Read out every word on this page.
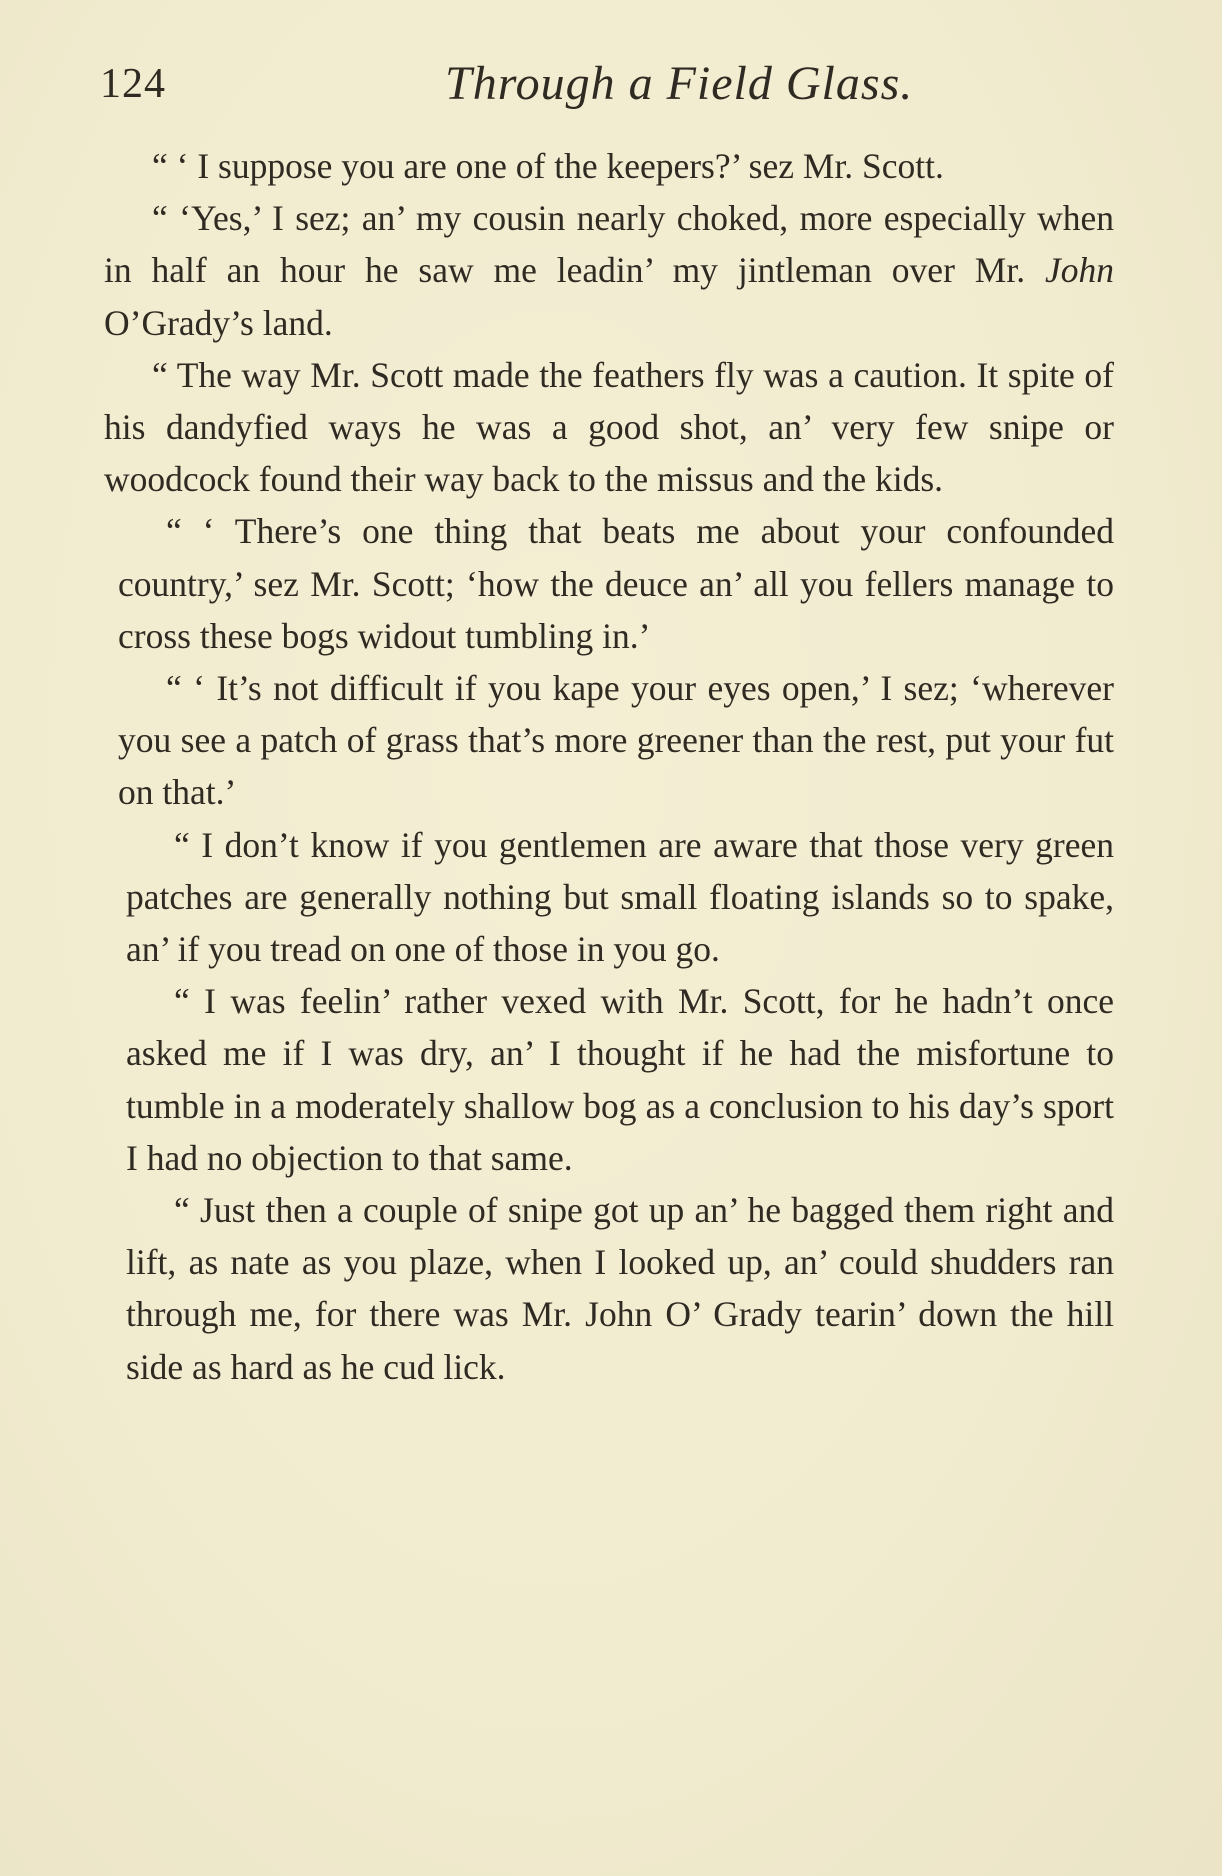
124	Through a Field Glass.

“ ‘ I suppose you are one of the keepers?’ sez Mr. Scott.

“ ‘Yes,’ I sez; an’ my cousin nearly choked, more especially when in half an hour he saw me leadin’ my jintleman over Mr. John O’Grady’s land.

“ The way Mr. Scott made the feathers fly was a caution. It spite of his dandyfied ways he was a good shot, an’ very few snipe or woodcock found their way back to the missus and the kids.

“ ‘ There’s one thing that beats me about your confounded country,’ sez Mr. Scott; ‘how the deuce an’ all you fellers manage to cross these bogs widout tumbling in.’

“ ‘ It’s not difficult if you kape your eyes open,’ I sez; ‘wherever you see a patch of grass that’s more greener than the rest, put your fut on that.’

“ I don’t know if you gentlemen are aware that those very green patches are generally nothing but small floating islands so to spake, an’ if you tread on one of those in you go.

“ I was feelin’ rather vexed with Mr. Scott, for he hadn’t once asked me if I was dry, an’ I thought if he had the misfortune to tumble in a moderately shallow bog as a conclusion to his day’s sport I had no objection to that same.

“ Just then a couple of snipe got up an’ he bagged them right and lift, as nate as you plaze, when I looked up, an’ could shudders ran through me, for there was Mr. John O’ Grady tearin’ down the hill side as hard as he cud lick.
